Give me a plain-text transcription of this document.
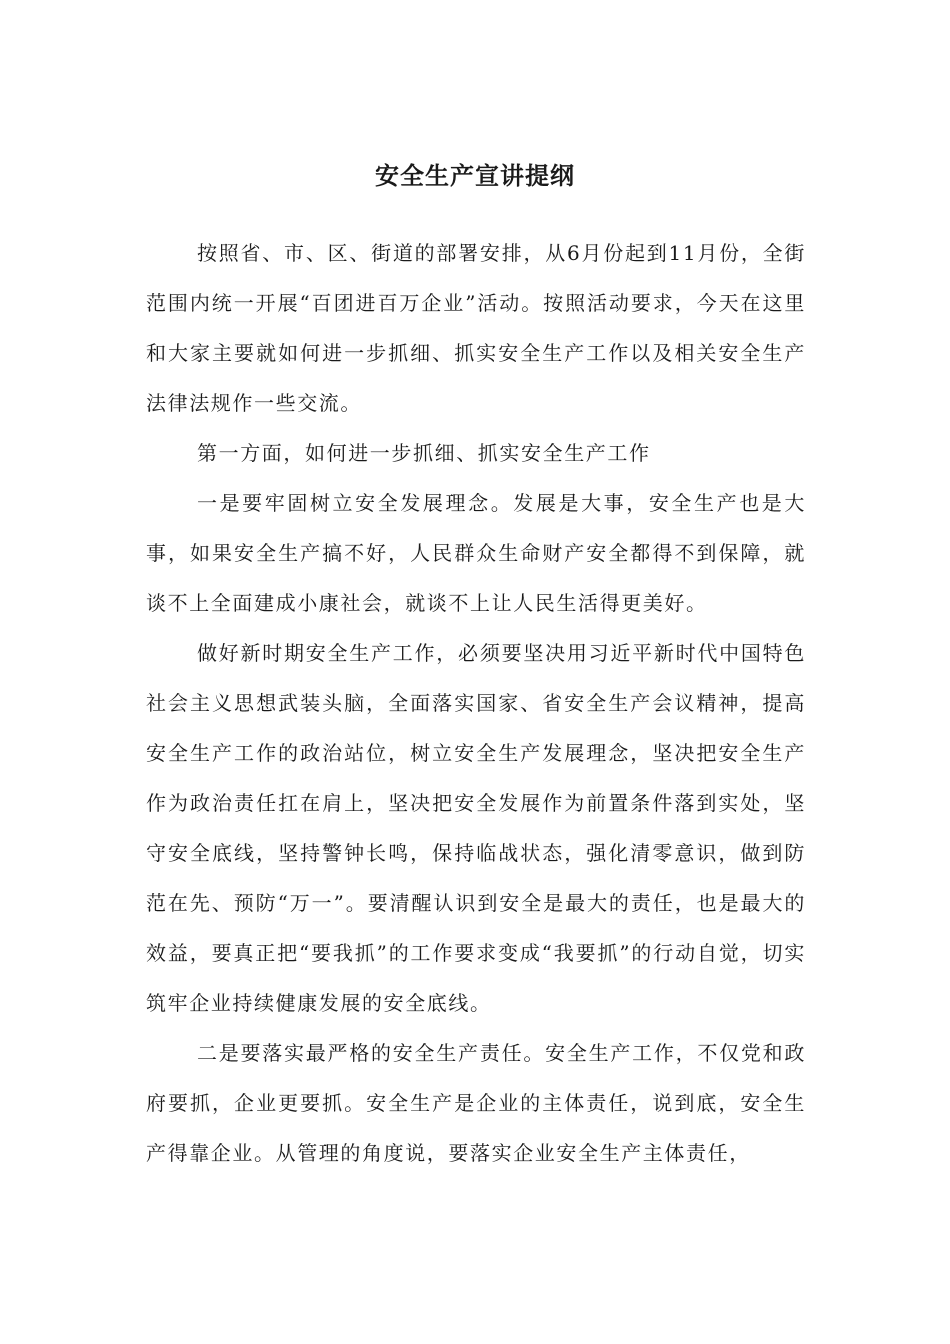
安全生产宣讲提纲

按照省、市、区、街道的部署安排，从6月份起到11月份，全街范围内统一开展“百团进百万企业”活动。按照活动要求，今天在这里和大家主要就如何进一步抓细、抓实安全生产工作以及相关安全生产法律法规作一些交流。

第一方面，如何进一步抓细、抓实安全生产工作

一是要牢固树立安全发展理念。发展是大事，安全生产也是大事，如果安全生产搞不好，人民群众生命财产安全都得不到保障，就谈不上全面建成小康社会，就谈不上让人民生活得更美好。

做好新时期安全生产工作，必须要坚决用习近平新时代中国特色社会主义思想武装头脑，全面落实国家、省安全生产会议精神，提高安全生产工作的政治站位，树立安全生产发展理念，坚决把安全生产作为政治责任扛在肩上，坚决把安全发展作为前置条件落到实处，坚守安全底线，坚持警钟长鸣，保持临战状态，强化清零意识，做到防范在先、预防“万一”。要清醒认识到安全是最大的责任，也是最大的效益，要真正把“要我抓”的工作要求变成“我要抓”的行动自觉，切实筑牢企业持续健康发展的安全底线。

二是要落实最严格的安全生产责任。安全生产工作，不仅党和政府要抓，企业更要抓。安全生产是企业的主体责任，说到底，安全生产得靠企业。从管理的角度说，要落实企业安全生产主体责任，
